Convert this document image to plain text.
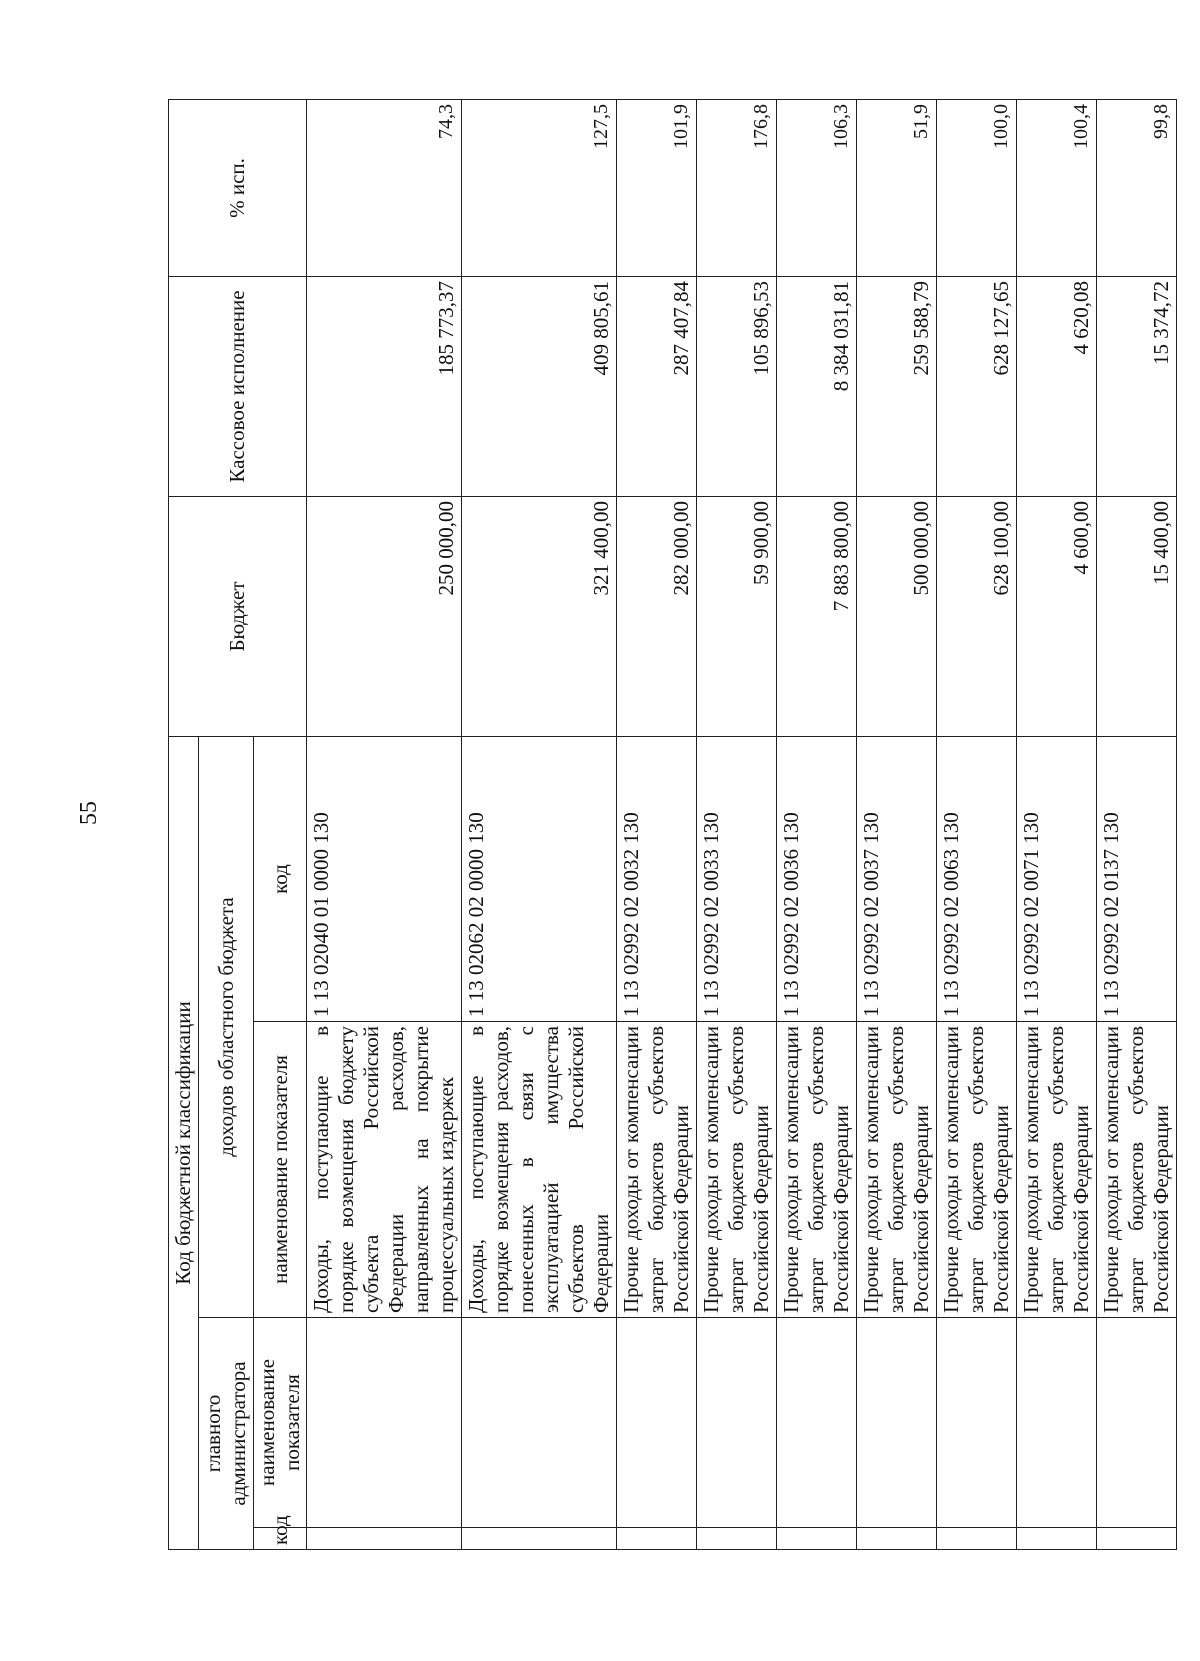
55
Код бюджетной классификации				Бюджет	Кассовое исполнение	% исп.
главного администратора		доходов областного бюджета				
код	наименование показателя	наименование показателя	код			
		Доходы, поступающие в порядке возмещения бюджету субъекта Российской Федерации расходов, направленных на покрытие процессуальных издержек	1 13 02040 01 0000 130	250 000,00	185 773,37	74,3
		Доходы, поступающие в порядке возмещения расходов, понесенных в связи с эксплуатацией имущества субъектов Российской Федерации	1 13 02062 02 0000 130	321 400,00	409 805,61	127,5
		Прочие доходы от компенсации затрат бюджетов субъектов Российской Федерации	1 13 02992 02 0032 130	282 000,00	287 407,84	101,9
		Прочие доходы от компенсации затрат бюджетов субъектов Российской Федерации	1 13 02992 02 0033 130	59 900,00	105 896,53	176,8
		Прочие доходы от компенсации затрат бюджетов субъектов Российской Федерации	1 13 02992 02 0036 130	7 883 800,00	8 384 031,81	106,3
		Прочие доходы от компенсации затрат бюджетов субъектов Российской Федерации	1 13 02992 02 0037 130	500 000,00	259 588,79	51,9
		Прочие доходы от компенсации затрат бюджетов субъектов Российской Федерации	1 13 02992 02 0063 130	628 100,00	628 127,65	100,0
		Прочие доходы от компенсации затрат бюджетов субъектов Российской Федерации	1 13 02992 02 0071 130	4 600,00	4 620,08	100,4
		Прочие доходы от компенсации затрат бюджетов субъектов Российской Федерации	1 13 02992 02 0137 130	15 400,00	15 374,72	99,8
